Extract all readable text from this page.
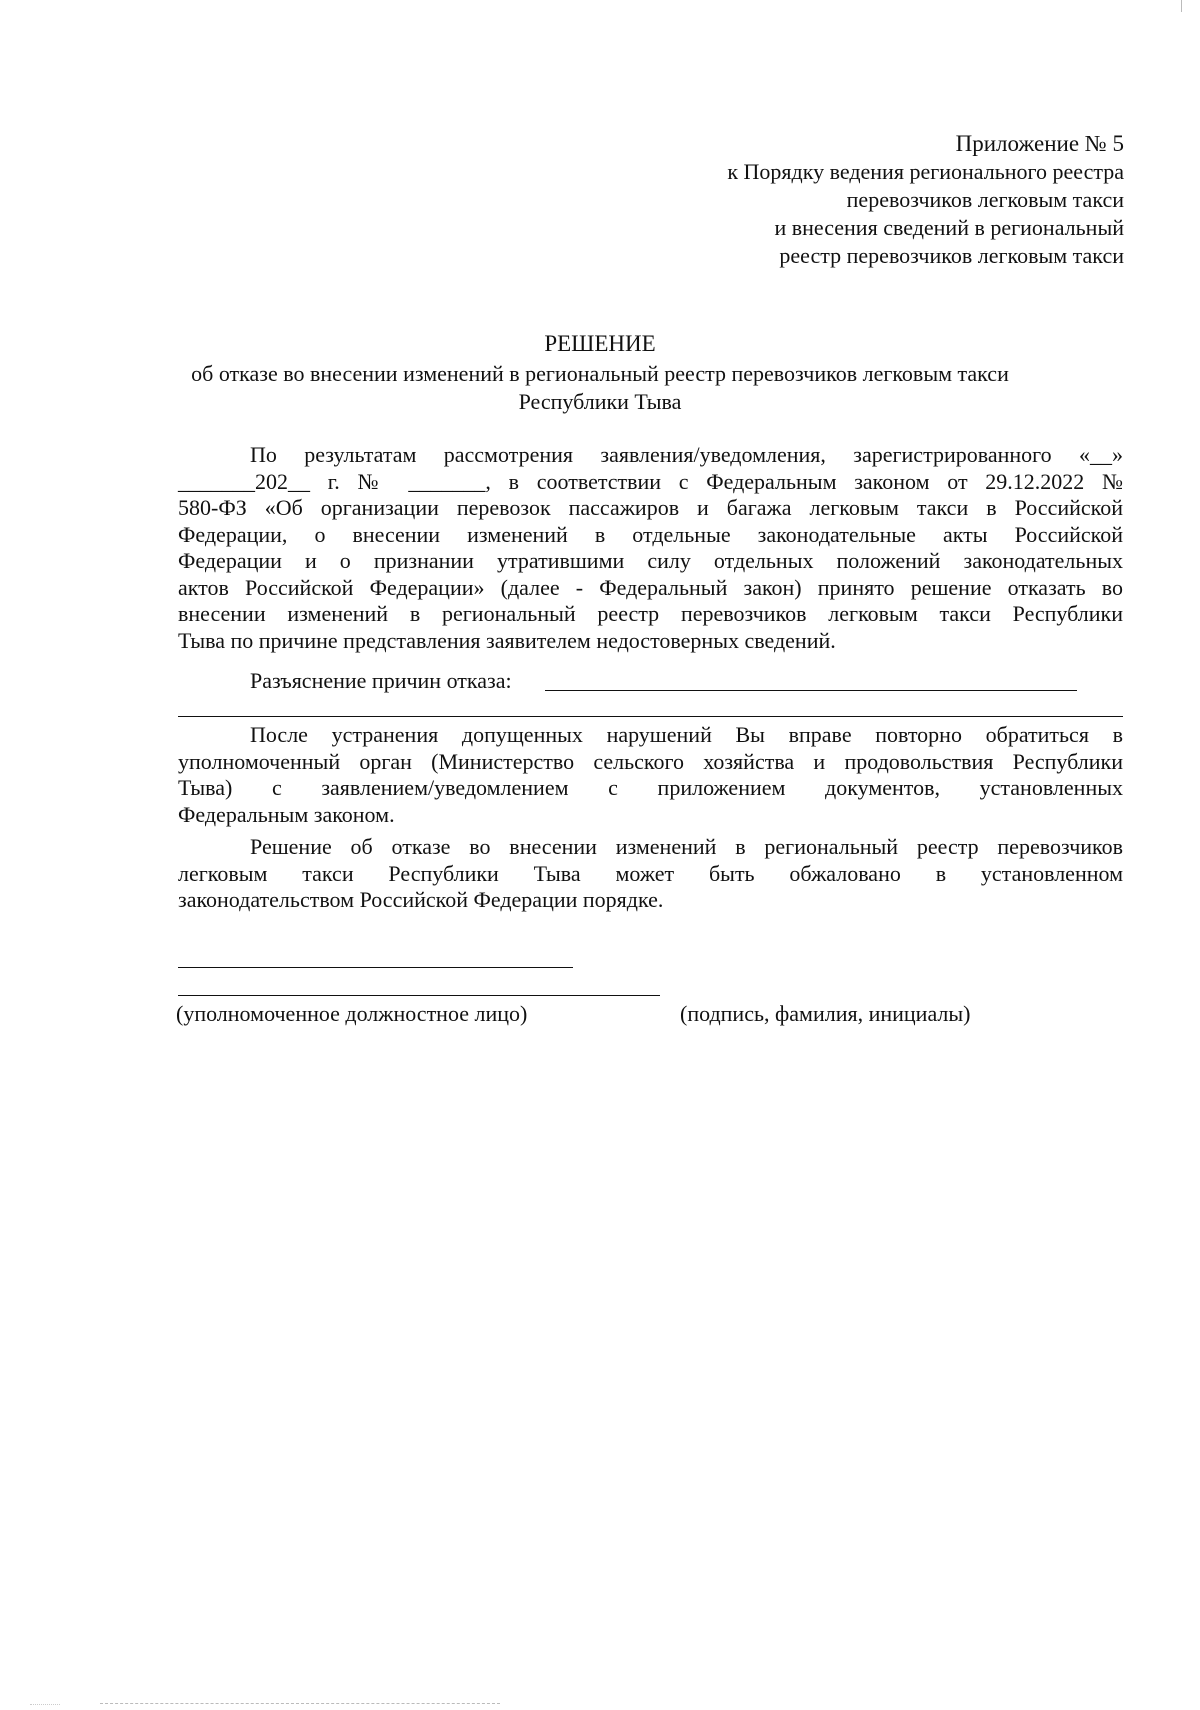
Приложение № 5
к Порядку ведения регионального реестра
перевозчиков легковым такси
и внесения сведений в региональный
реестр перевозчиков легковым такси
РЕШЕНИЕ
об отказе во внесении изменений в региональный реестр перевозчиков легковым такси
Республики Тыва
По результатам рассмотрения заявления/уведомления, зарегистрированного «__»
_______202__ г. № _______, в соответствии с Федеральным законом от 29.12.2022 №
580-ФЗ «Об организации перевозок пассажиров и багажа легковым такси в Российской
Федерации, о внесении изменений в отдельные законодательные акты Российской
Федерации и о признании утратившими силу отдельных положений законодательных
актов Российской Федерации» (далее - Федеральный закон) принято решение отказать во
внесении изменений в региональный реестр перевозчиков легковым такси Республики
Тыва по причине представления заявителем недостоверных сведений.
Разъяснение причин отказа:
После устранения допущенных нарушений Вы вправе повторно обратиться в
уполномоченный орган (Министерство сельского хозяйства и продовольствия Республики
Тыва) с заявлением/уведомлением с приложением документов, установленных
Федеральным законом.
Решение об отказе во внесении изменений в региональный реестр перевозчиков
легковым такси Республики Тыва может быть обжаловано в установленном
законодательством Российской Федерации порядке.
(уполномоченное должностное лицо)	(подпись, фамилия, инициалы)
